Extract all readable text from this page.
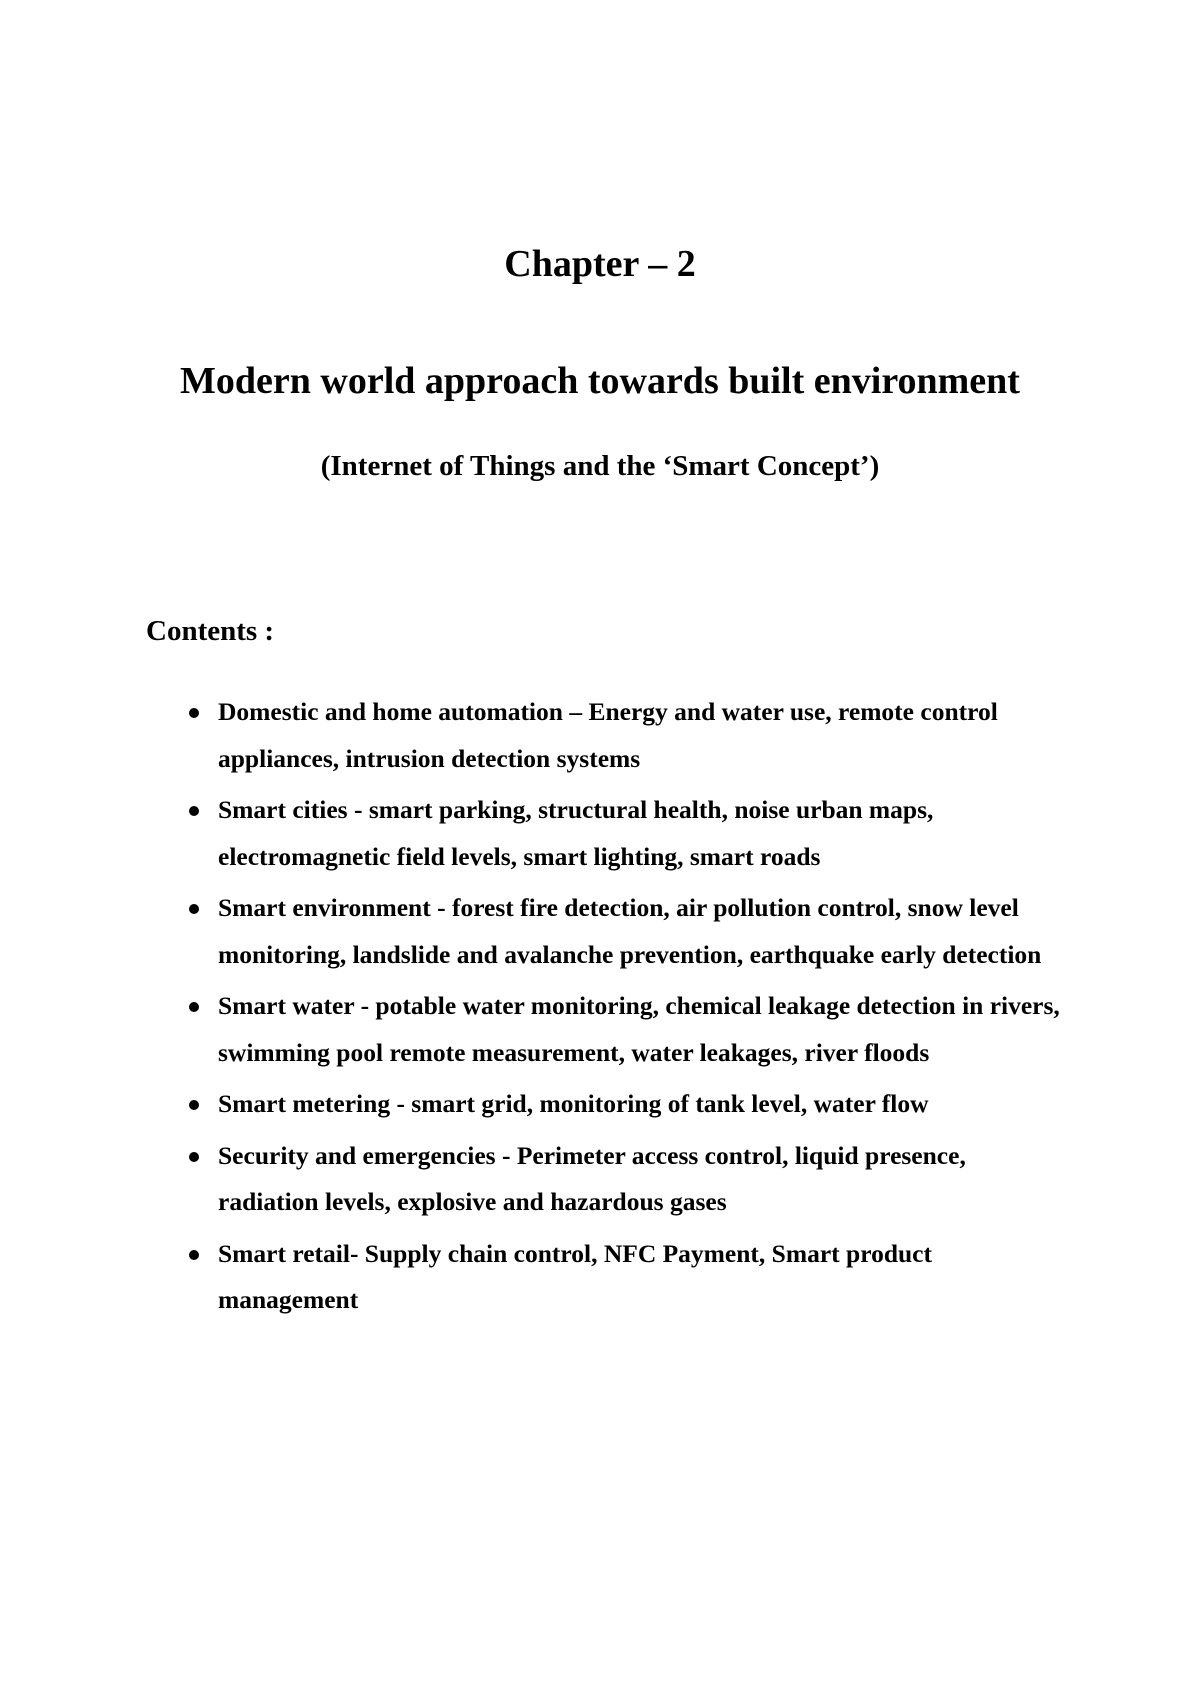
Chapter – 2
Modern world approach towards built environment

(Internet of Things and the ‘Smart Concept’)

Contents :

Domestic and home automation – Energy and water use, remote control appliances, intrusion detection systems
Smart cities - smart parking, structural health, noise urban maps, electromagnetic field levels, smart lighting, smart roads
Smart environment - forest fire detection, air pollution control, snow level monitoring, landslide and avalanche prevention, earthquake early detection
Smart water - potable water monitoring, chemical leakage detection in rivers, swimming pool remote measurement, water leakages, river floods
Smart metering - smart grid, monitoring of tank level, water flow
Security and emergencies - Perimeter access control, liquid presence, radiation levels, explosive and hazardous gases
Smart retail- Supply chain control, NFC Payment, Smart product management
